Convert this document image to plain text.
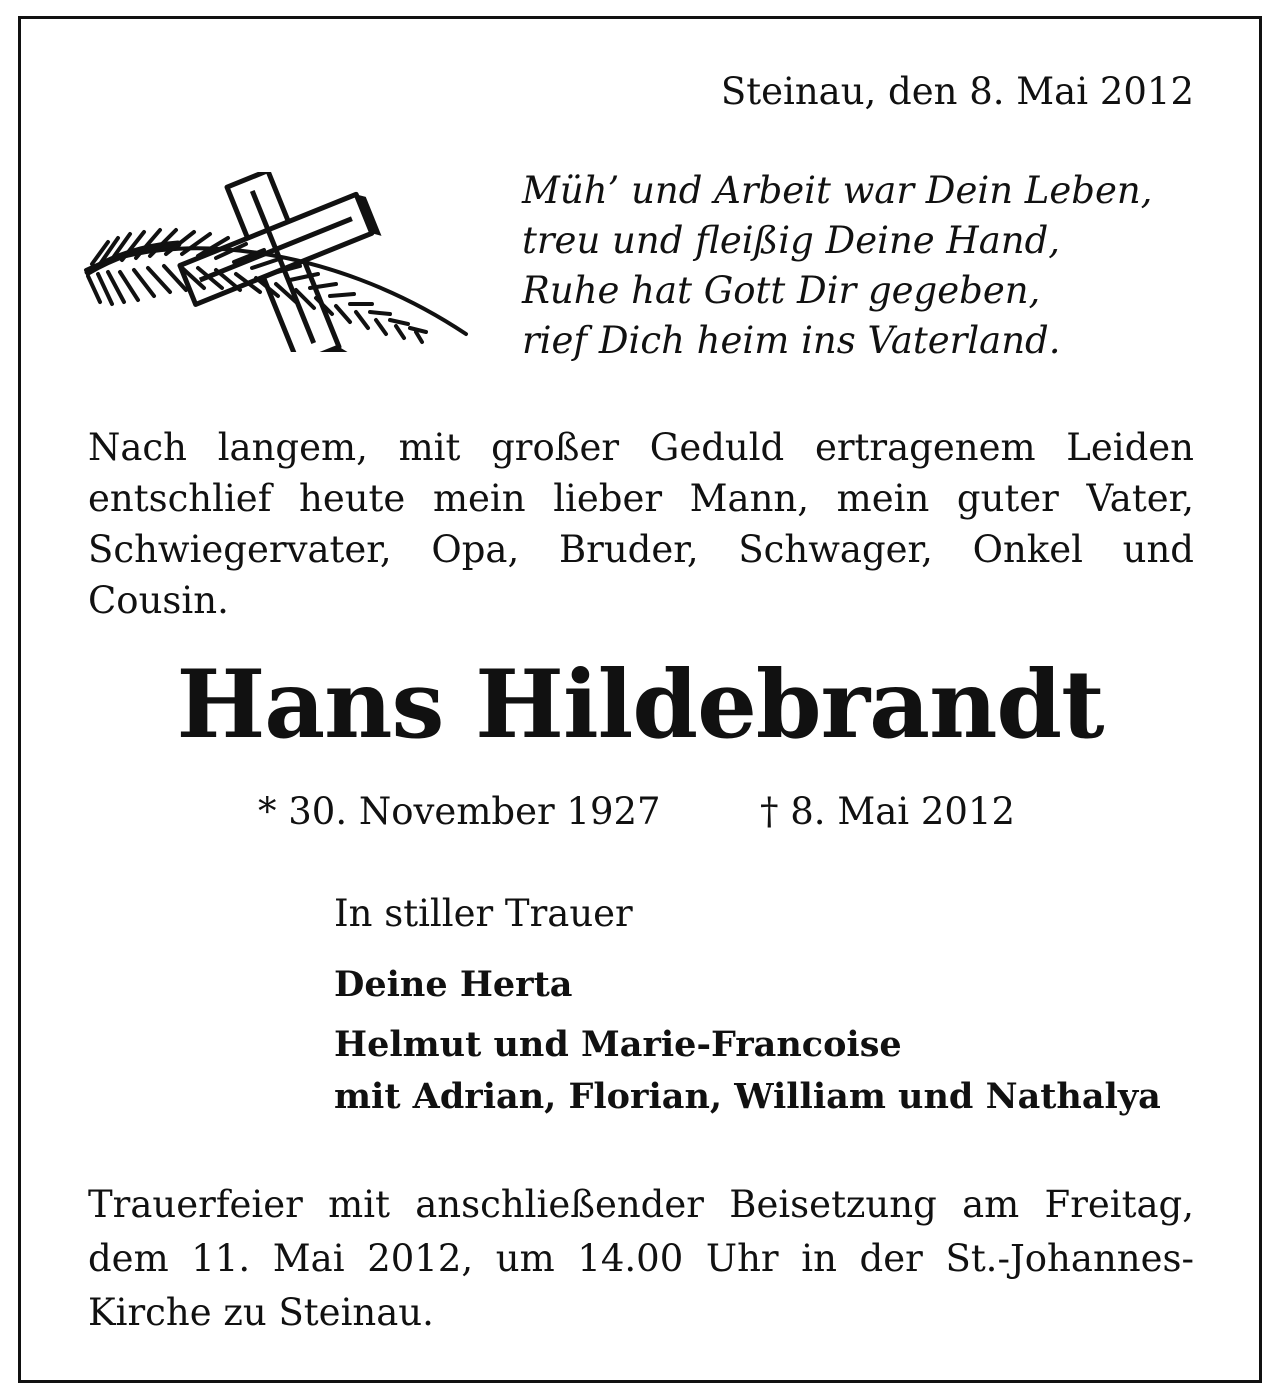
Steinau, den 8. Mai 2012
Müh’ und Arbeit war Dein Leben,
treu und fleißig Deine Hand,
Ruhe hat Gott Dir gegeben,
rief Dich heim ins Vaterland.
Nach langem, mit großer Geduld ertragenem Leiden entschlief heute mein lieber Mann, mein guter Vater, Schwiegervater, Opa, Bruder, Schwager, Onkel und Cousin.
Hans Hildebrandt
* 30. November 1927	† 8. Mai 2012
In stiller Trauer
Deine Herta
Helmut und Marie-Francoise
mit Adrian, Florian, William und Nathalya
Trauerfeier mit anschließender Beisetzung am Freitag, dem 11. Mai 2012, um 14.00 Uhr in der St.-Johannes-Kirche zu Steinau.
